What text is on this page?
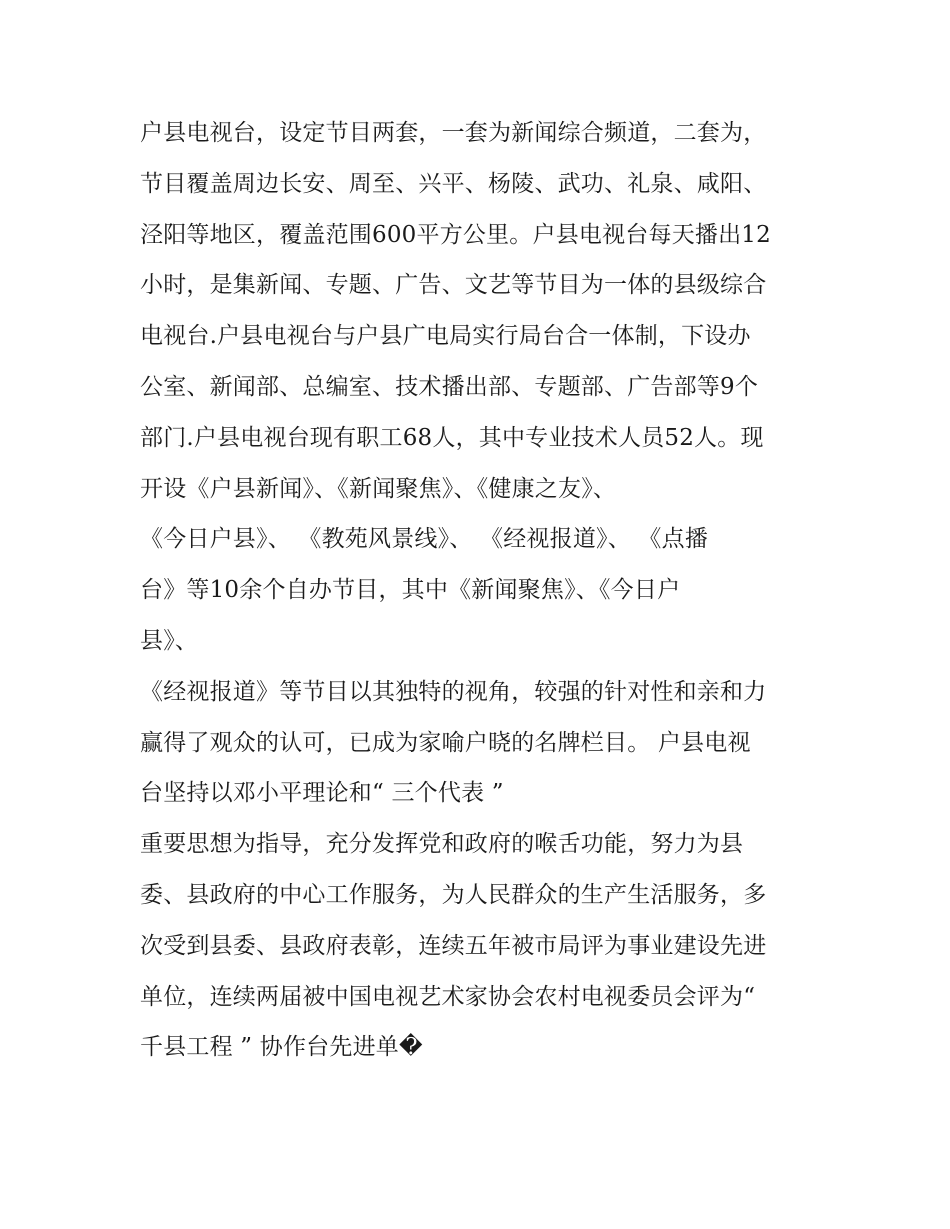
户县电视台，设定节目两套，一套为新闻综合频道，二套为，
节目覆盖周边长安、周至、兴平、杨陵、武功、礼泉、咸阳、
泾阳等地区，覆盖范围600平方公里。户县电视台每天播出12
小时，是集新闻、专题、广告、文艺等节目为一体的县级综合
电视台.户县电视台与户县广电局实行局台合一体制，下设办
公室、新闻部、总编室、技术播出部、专题部、广告部等9个
部门.户县电视台现有职工68人，其中专业技术人员52人。现
开设《户县新闻》、《新闻聚焦》、《健康之友》、
《今日户县》、 《教苑风景线》、 《经视报道》、 《点播
台》等10余个自办节目，其中《新闻聚焦》、《今日户
县》、
《经视报道》等节目以其独特的视角，较强的针对性和亲和力
赢得了观众的认可，已成为家喻户晓的名牌栏目。 户县电视
台坚持以邓小平理论和“ 三个代表 ”
重要思想为指导，充分发挥党和政府的喉舌功能，努力为县
委、县政府的中心工作服务，为人民群众的生产生活服务，多
次受到县委、县政府表彰，连续五年被市局评为事业建设先进
单位，连续两届被中国电视艺术家协会农村电视委员会评为“
千县工程 ” 协作台先进单�
